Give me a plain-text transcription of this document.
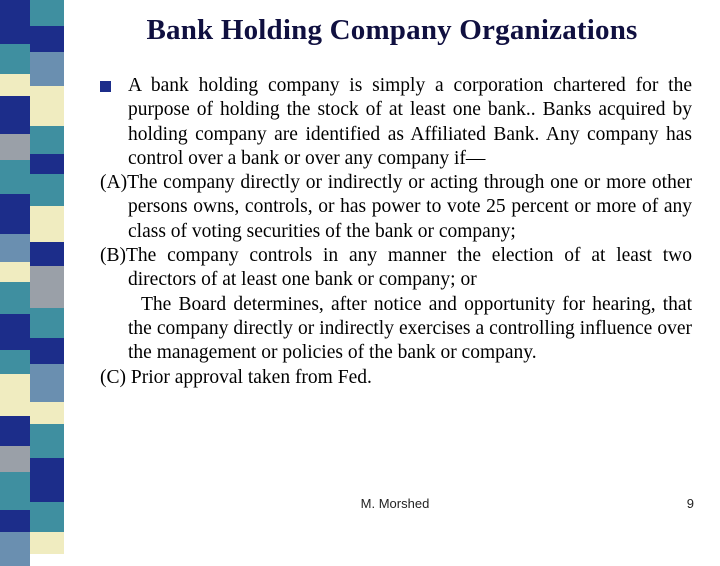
Bank Holding Company Organizations

A bank holding company is simply a corporation chartered for the purpose of holding the stock of at least one bank.. Banks acquired by holding company are identified as Affiliated Bank. Any company has control over a bank or over any company if—

(A)The company directly or indirectly or acting through one or more other persons owns, controls, or has power to vote 25 percent or more of any class of voting securities of the bank or company;

(B)The company controls in any manner the election of at least two directors of at least one bank or company; or

The Board determines, after notice and opportunity for hearing, that the company directly or indirectly exercises a controlling influence over the management or policies of the bank or company.

(C) Prior approval taken from Fed.

M. Morshed	9
